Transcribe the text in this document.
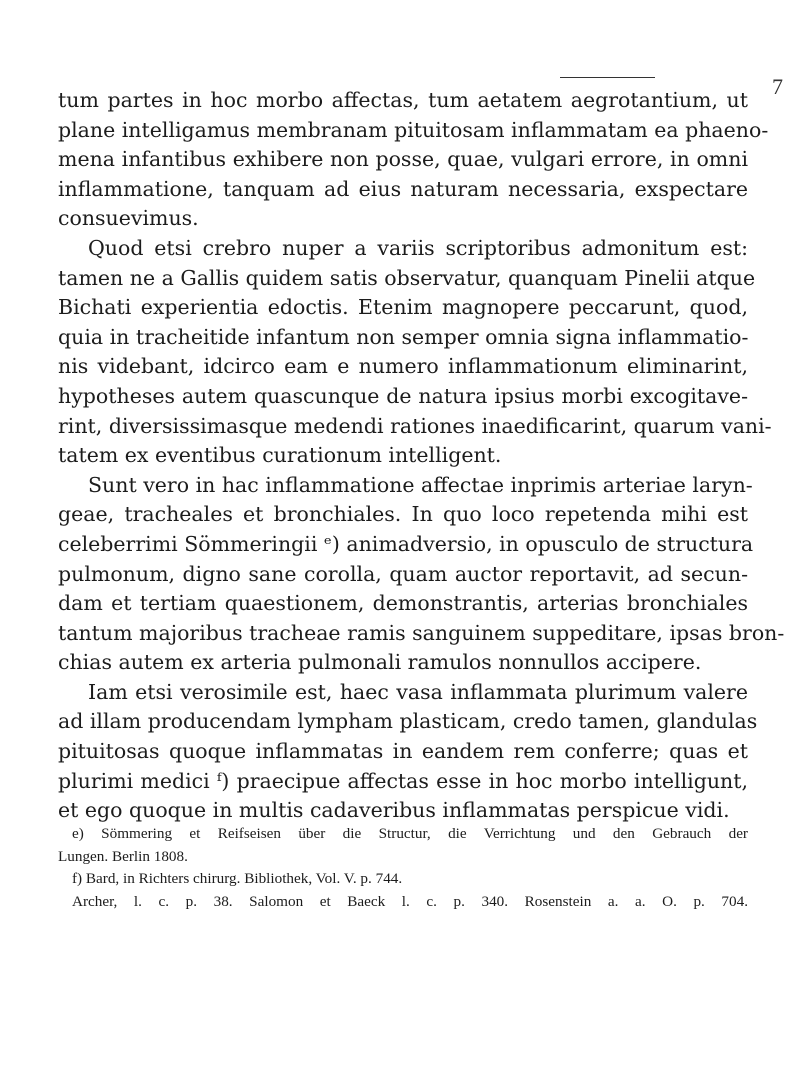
7
tum partes in hoc morbo affectas, tum aetatem aegrotantium, ut
plane intelligamus membranam pituitosam inflammatam ea phaeno-
mena infantibus exhibere non posse, quae, vulgari errore, in omni
inflammatione, tanquam ad eius naturam necessaria, exspectare
consuevimus.
Quod etsi crebro nuper a variis scriptoribus admonitum est:
tamen ne a Gallis quidem satis observatur, quanquam Pinelii atque
Bichati experientia edoctis. Etenim magnopere peccarunt, quod,
quia in tracheitide infantum non semper omnia signa inflammatio-
nis videbant, idcirco eam e numero inflammationum eliminarint,
hypotheses autem quascunque de natura ipsius morbi excogitave-
rint, diversissimasque medendi rationes inaedificarint, quarum vani-
tatem ex eventibus curationum intelligent.
Sunt vero in hac inflammatione affectae inprimis arteriae laryn-
geae, tracheales et bronchiales. In quo loco repetenda mihi est
celeberrimi Sömmeringii ᵉ) animadversio, in opusculo de structura
pulmonum, digno sane corolla, quam auctor reportavit, ad secun-
dam et tertiam quaestionem, demonstrantis, arterias bronchiales
tantum majoribus tracheae ramis sanguinem suppeditare, ipsas bron-
chias autem ex arteria pulmonali ramulos nonnullos accipere.
Iam etsi verosimile est, haec vasa inflammata plurimum valere
ad illam producendam lympham plasticam, credo tamen, glandulas
pituitosas quoque inflammatas in eandem rem conferre; quas et
plurimi medici ᶠ) praecipue affectas esse in hoc morbo intelligunt,
et ego quoque in multis cadaveribus inflammatas perspicue vidi.
e) Sömmering et Reifseisen über die Structur, die Verrichtung und den Gebrauch der
Lungen. Berlin 1808.
f) Bard, in Richters chirurg. Bibliothek, Vol. V. p. 744.
Archer, l. c. p. 38. Salomon et Baeck l. c. p. 340. Rosenstein a. a. O. p. 704.
